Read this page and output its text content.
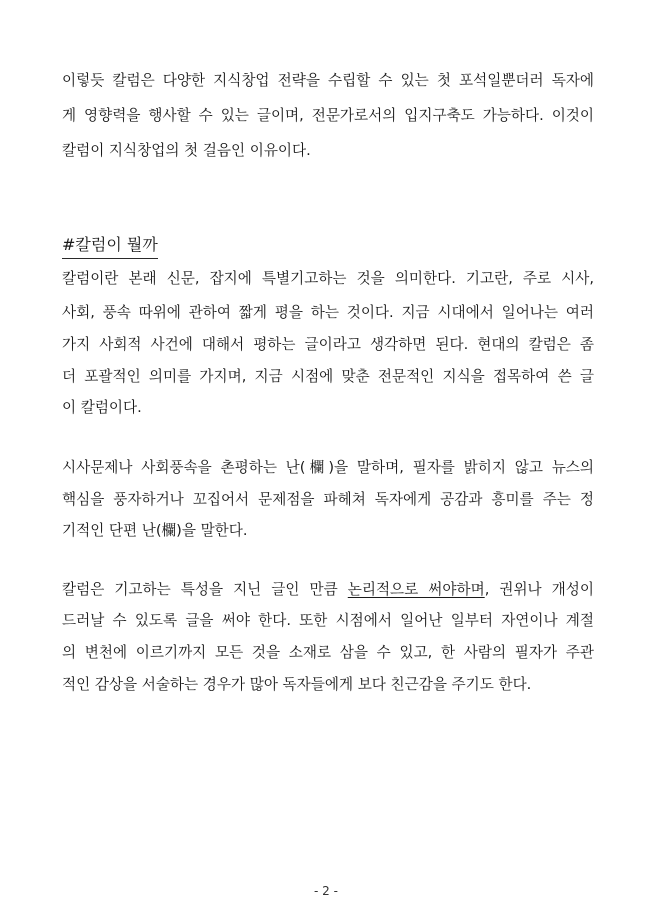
이렇듯 칼럼은 다양한 지식창업 전략을 수립할 수 있는 첫 포석일뿐더러 독자에
게 영향력을 행사할 수 있는 글이며, 전문가로서의 입지구축도 가능하다. 이것이
칼럼이 지식창업의 첫 걸음인 이유이다.
#칼럼이 뭘까
칼럼이란 본래 신문, 잡지에 특별기고하는 것을 의미한다. 기고란, 주로 시사,
사회, 풍속 따위에 관하여 짧게 평을 하는 것이다. 지금 시대에서 일어나는 여러
가지 사회적 사건에 대해서 평하는 글이라고 생각하면 된다. 현대의 칼럼은 좀
더 포괄적인 의미를 가지며, 지금 시점에 맞춘 전문적인 지식을 접목하여 쓴 글
이 칼럼이다.
시사문제나 사회풍속을 촌평하는 난(欄)을 말하며, 필자를 밝히지 않고 뉴스의
핵심을 풍자하거나 꼬집어서 문제점을 파헤쳐 독자에게 공감과 흥미를 주는 정
기적인 단편 난(欄)을 말한다.
칼럼은 기고하는 특성을 지닌 글인 만큼 논리적으로 써야하며, 권위나 개성이
드러날 수 있도록 글을 써야 한다. 또한 시점에서 일어난 일부터 자연이나 계절
의 변천에 이르기까지 모든 것을 소재로 삼을 수 있고, 한 사람의 필자가 주관
적인 감상을 서술하는 경우가 많아 독자들에게 보다 친근감을 주기도 한다.
- 2 -
